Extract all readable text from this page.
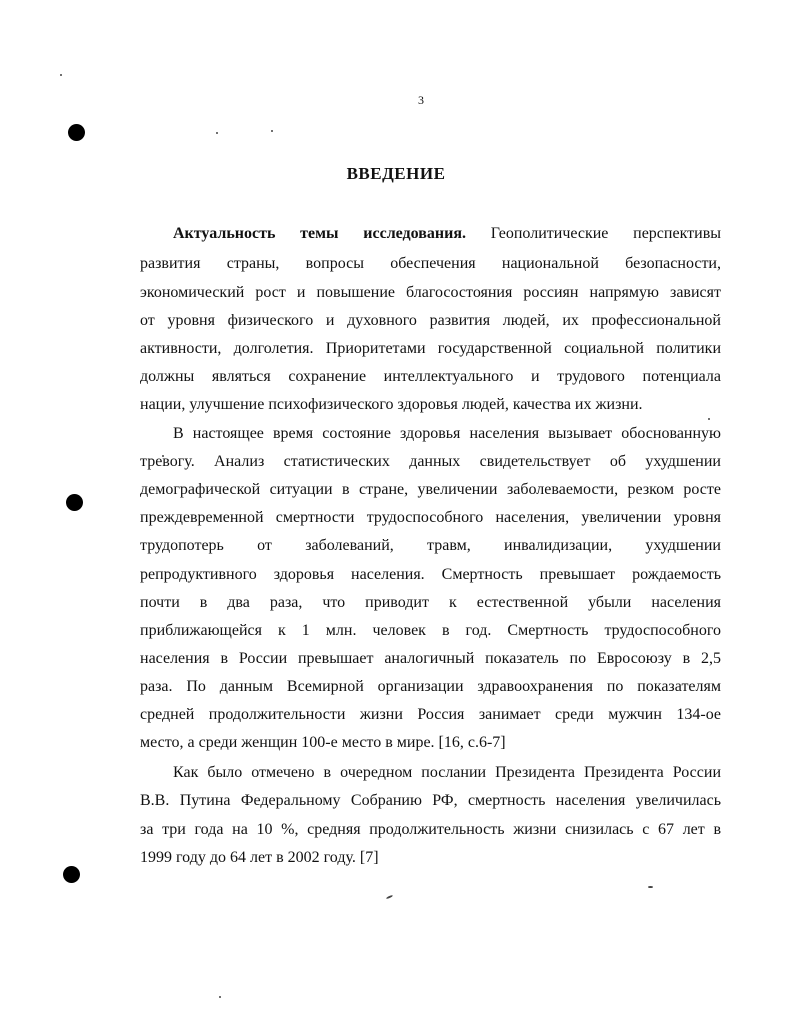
3
ВВЕДЕНИЕ
Актуальность темы исследования. Геополитические перспективы
развития страны, вопросы обеспечения национальной безопасности,
экономический рост и повышение благосостояния россиян напрямую зависят
от уровня физического и духовного развития людей, их профессиональной
активности, долголетия. Приоритетами государственной социальной политики
должны являться сохранение интеллектуального и трудового потенциала
нации, улучшение психофизического здоровья людей, качества их жизни.
В настоящее время состояние здоровья населения вызывает обоснованную
тревогу. Анализ статистических данных свидетельствует об ухудшении
демографической ситуации в стране, увеличении заболеваемости, резком росте
преждевременной смертности трудоспособного населения, увеличении уровня
трудопотерь от заболеваний, травм, инвалидизации, ухудшении
репродуктивного здоровья населения. Смертность превышает рождаемость
почти в два раза, что приводит к естественной убыли населения
приближающейся к 1 млн. человек в год. Смертность трудоспособного
населения в России превышает аналогичный показатель по Евросоюзу в 2,5
раза. По данным Всемирной организации здравоохранения по показателям
средней продолжительности жизни Россия занимает среди мужчин 134-ое
место, а среди женщин 100-е место в мире. [16, с.6-7]
Как было отмечено в очередном послании Президента Президента России
В.В. Путина Федеральному Собранию РФ, смертность населения увеличилась
за три года на 10 %, средняя продолжительность жизни снизилась с 67 лет в
1999 году до 64 лет в 2002 году. [7]
